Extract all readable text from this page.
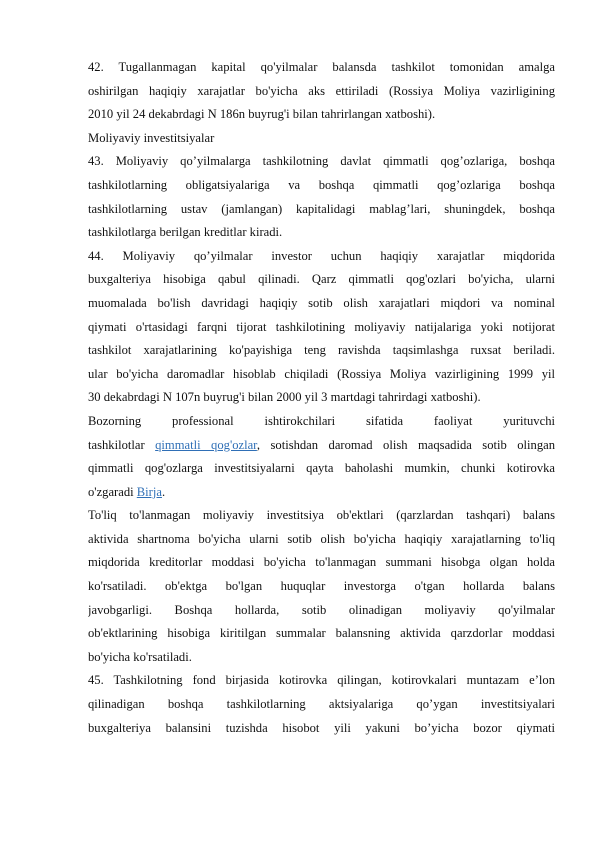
42. Tugallanmagan kapital qo'yilmalar balansda tashkilot tomonidan amalga
oshirilgan haqiqiy xarajatlar bo'yicha aks ettiriladi (Rossiya Moliya vazirligining
2010 yil 24 dekabrdagi N 186n buyrug'i bilan tahrirlangan xatboshi).
Moliyaviy investitsiyalar
43. Moliyaviy qo’yilmalarga tashkilotning davlat qimmatli qog’ozlariga, boshqa
tashkilotlarning obligatsiyalariga va boshqa qimmatli qog’ozlariga boshqa
tashkilotlarning ustav (jamlangan) kapitalidagi mablag’lari, shuningdek, boshqa
tashkilotlarga berilgan kreditlar kiradi.
44. Moliyaviy qo’yilmalar investor uchun haqiqiy xarajatlar miqdorida
buxgalteriya hisobiga qabul qilinadi. Qarz qimmatli qog'ozlari bo'yicha, ularni
muomalada bo'lish davridagi haqiqiy sotib olish xarajatlari miqdori va nominal
qiymati o'rtasidagi farqni tijorat tashkilotining moliyaviy natijalariga yoki notijorat
tashkilot xarajatlarining ko'payishiga teng ravishda taqsimlashga ruxsat beriladi.
ular bo'yicha daromadlar hisoblab chiqiladi (Rossiya Moliya vazirligining 1999 yil
30 dekabrdagi N 107n buyrug'i bilan 2000 yil 3 martdagi tahrirdagi xatboshi).
Bozorning professional ishtirokchilari sifatida faoliyat yurituvchi
tashkilotlar qimmatli qog'ozlar, sotishdan daromad olish maqsadida sotib olingan
qimmatli qog'ozlarga investitsiyalarni qayta baholashi mumkin, chunki kotirovka
o'zgaradi Birja.
To'liq to'lanmagan moliyaviy investitsiya ob'ektlari (qarzlardan tashqari) balans
aktivida shartnoma bo'yicha ularni sotib olish bo'yicha haqiqiy xarajatlarning to'liq
miqdorida kreditorlar moddasi bo'yicha to'lanmagan summani hisobga olgan holda
ko'rsatiladi. ob'ektga bo'lgan huquqlar investorga o'tgan hollarda balans
javobgarligi. Boshqa hollarda, sotib olinadigan moliyaviy qo'yilmalar
ob'ektlarining hisobiga kiritilgan summalar balansning aktivida qarzdorlar moddasi
bo'yicha ko'rsatiladi.
45. Tashkilotning fond birjasida kotirovka qilingan, kotirovkalari muntazam e’lon
qilinadigan boshqa tashkilotlarning aktsiyalariga qo’ygan investitsiyalari
buxgalteriya balansini tuzishda hisobot yili yakuni bo’yicha bozor qiymati
